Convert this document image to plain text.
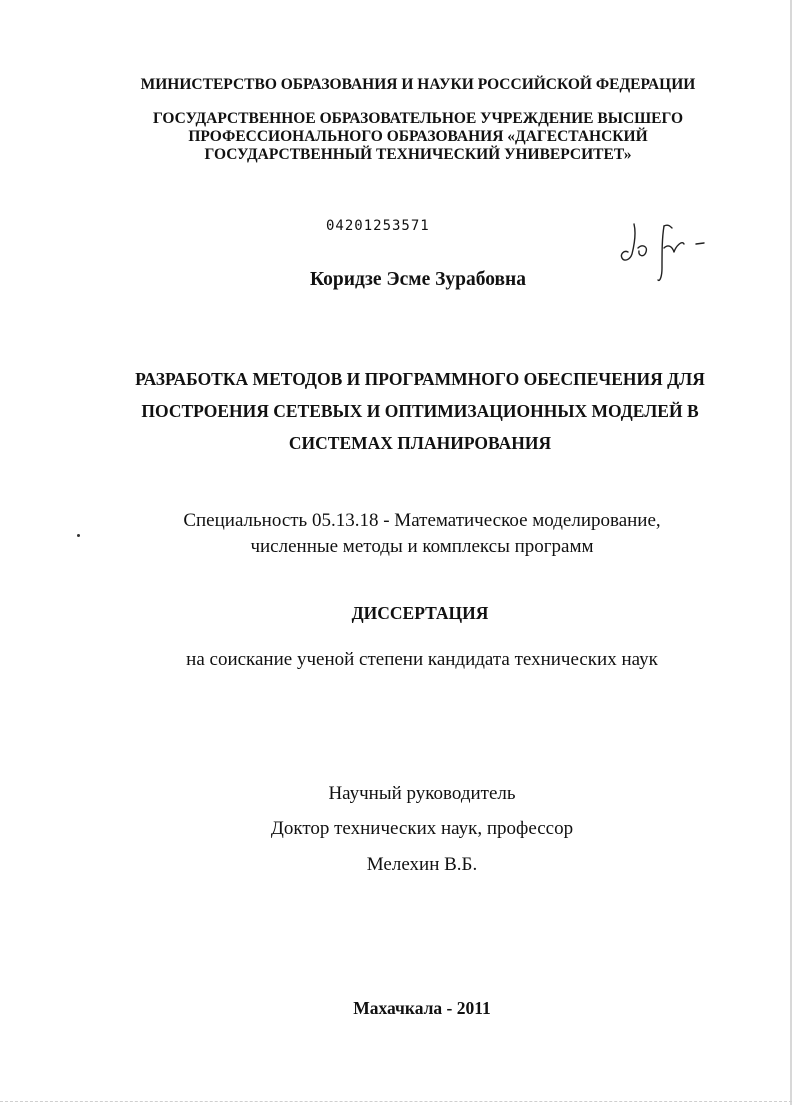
МИНИСТЕРСТВО ОБРАЗОВАНИЯ И НАУКИ РОССИЙСКОЙ ФЕДЕРАЦИИ
ГОСУДАРСТВЕННОЕ ОБРАЗОВАТЕЛЬНОЕ УЧРЕЖДЕНИЕ ВЫСШЕГО
ПРОФЕССИОНАЛЬНОГО ОБРАЗОВАНИЯ «ДАГЕСТАНСКИЙ
ГОСУДАРСТВЕННЫЙ ТЕХНИЧЕСКИЙ УНИВЕРСИТЕТ»
04201253571
Коридзе Эсме Зурабовна
РАЗРАБОТКА МЕТОДОВ И ПРОГРАММНОГО ОБЕСПЕЧЕНИЯ ДЛЯ
ПОСТРОЕНИЯ СЕТЕВЫХ И ОПТИМИЗАЦИОННЫХ МОДЕЛЕЙ В
СИСТЕМАХ ПЛАНИРОВАНИЯ
Специальность 05.13.18 - Математическое моделирование,
численные методы и комплексы программ
ДИССЕРТАЦИЯ
на соискание ученой степени кандидата технических наук
Научный руководитель
Доктор технических наук, профессор
Мелехин В.Б.
Махачкала - 2011
